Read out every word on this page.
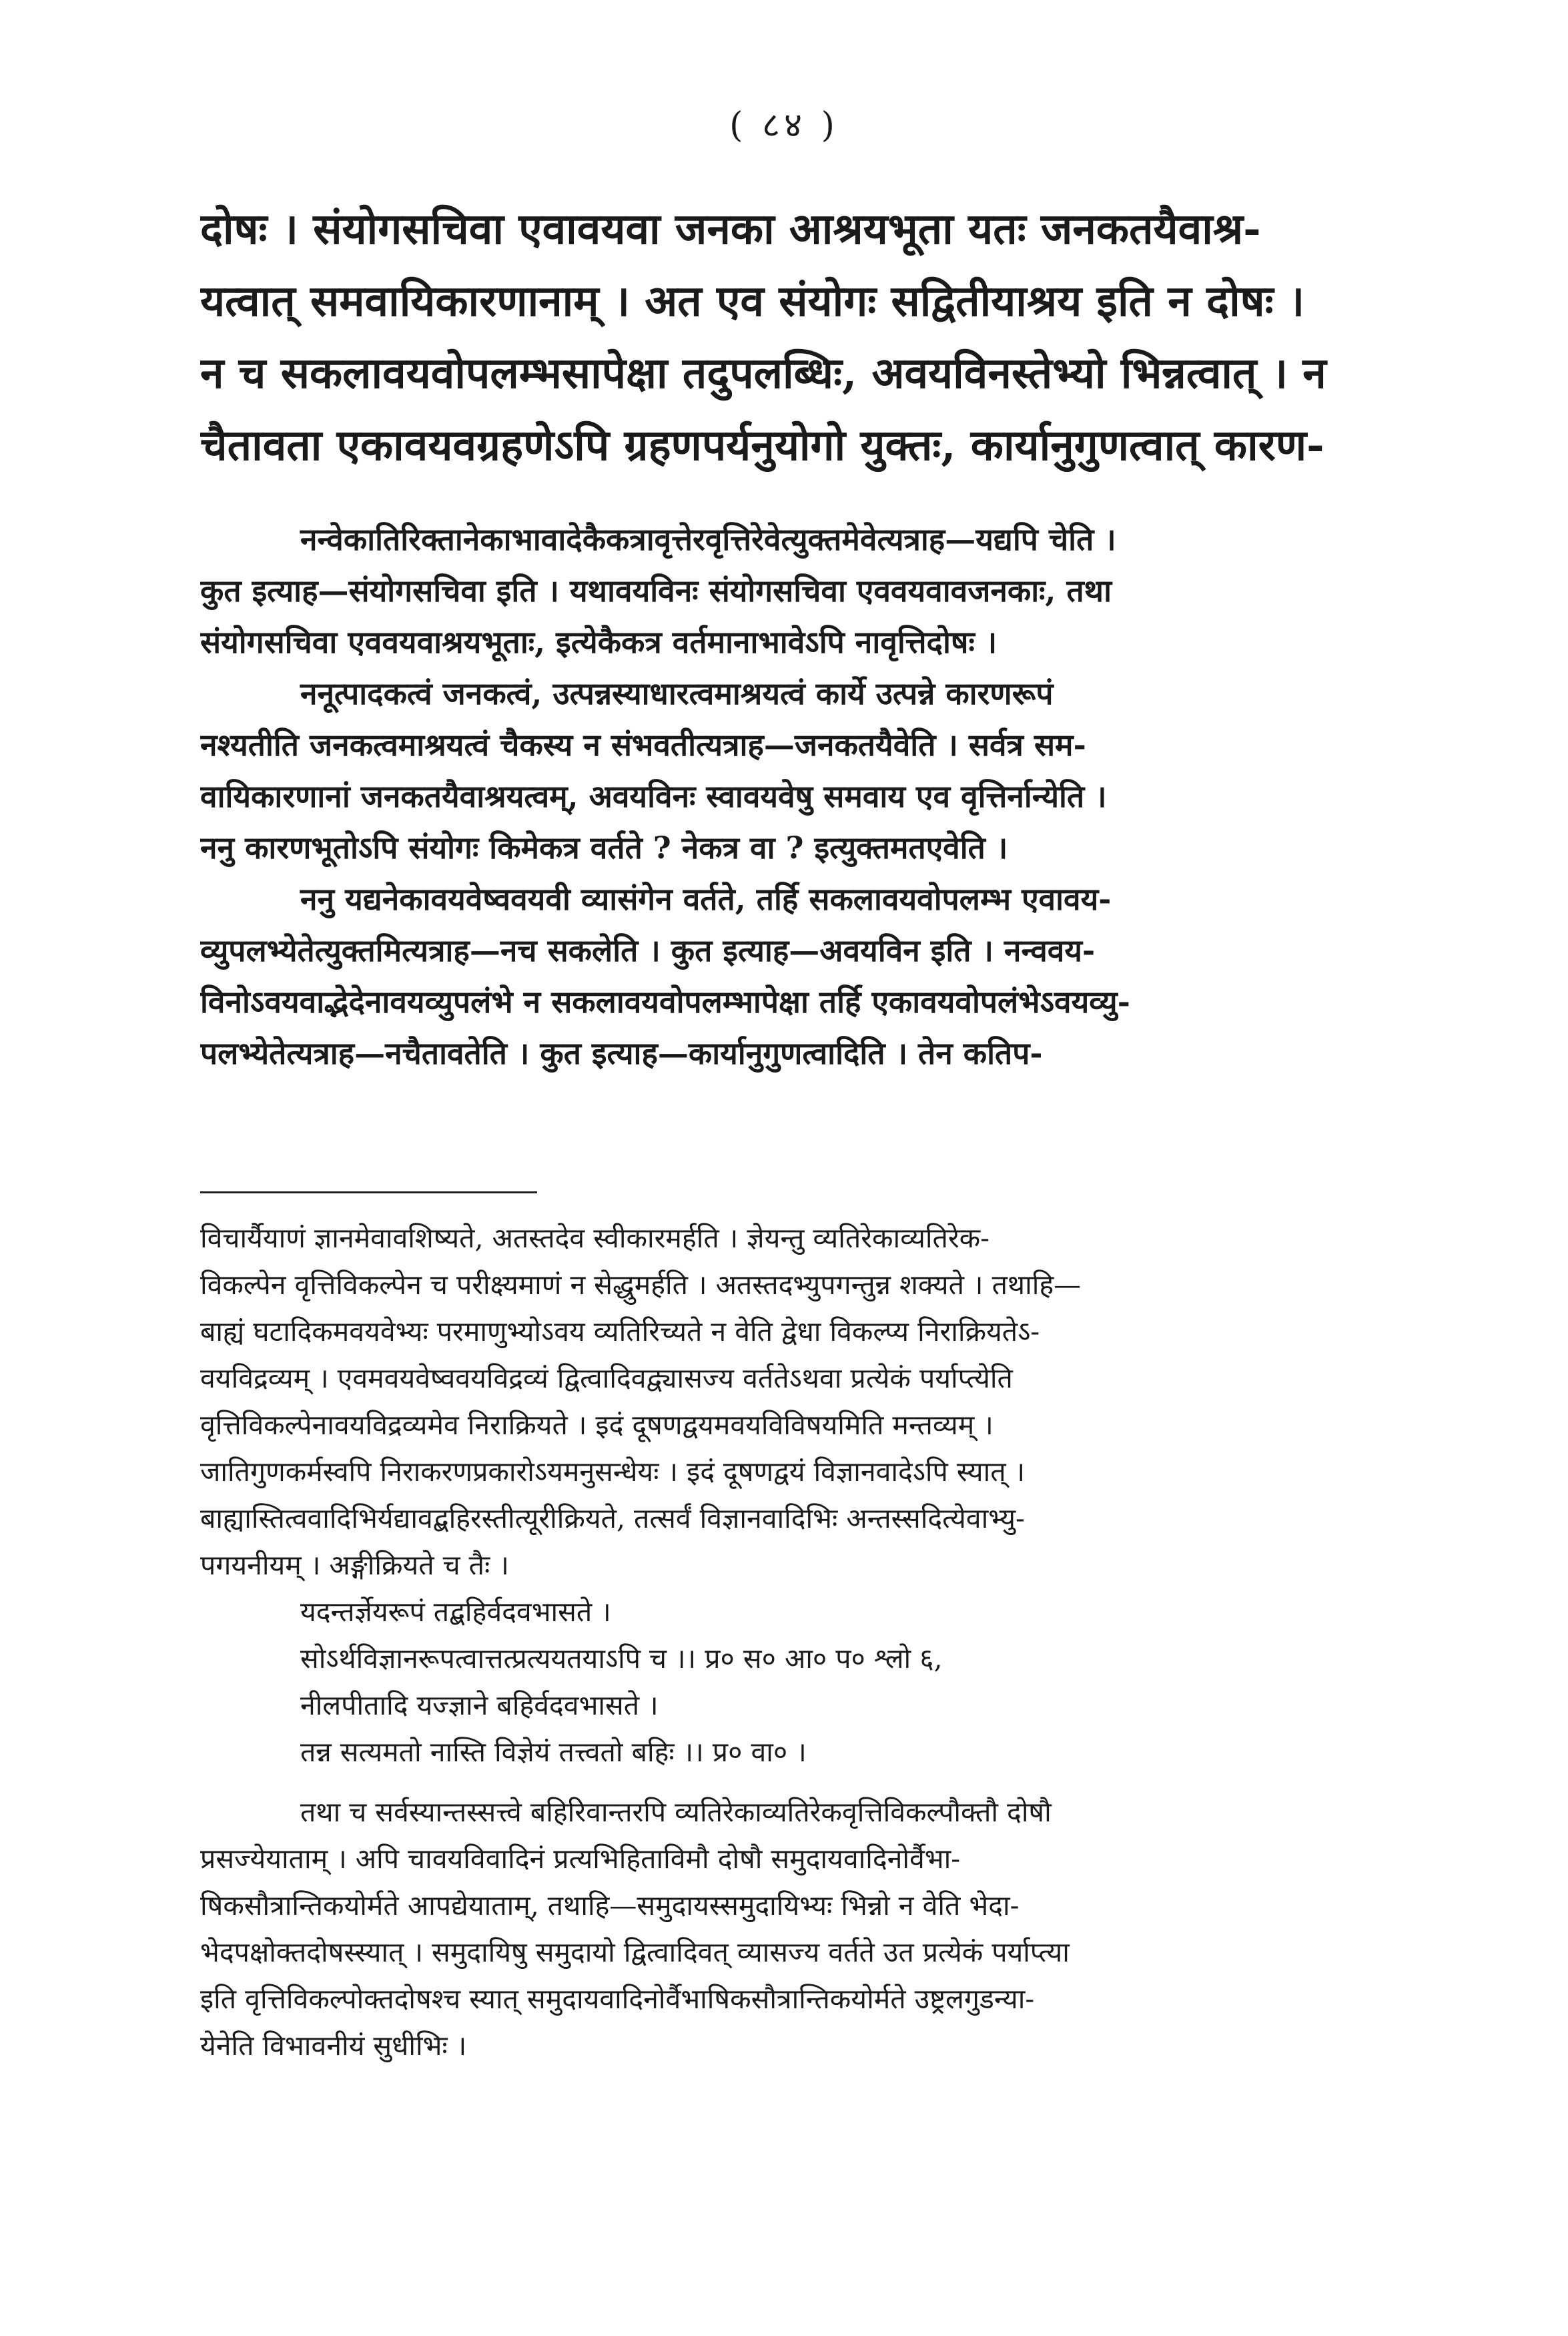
( ८४ )
दोषः । संयोगसचिवा एवावयवा जनका आश्रयभूता यतः जनकतयैवाश्र-
यत्वात् समवायिकारणानाम् । अत एव संयोगः सद्वितीयाश्रय इति न दोषः ।
न च सकलावयवोपलम्भसापेक्षा तदुपलब्धिः, अवयविनस्तेभ्यो भिन्नत्वात् । न
चैतावता एकावयवग्रहणेऽपि ग्रहणपर्यनुयोगो युक्तः, कार्यानुगुणत्वात् कारण-
नन्वेकातिरिक्तानेकाभावादेकैकत्रावृत्तेरवृत्तिरेवेत्युक्तमेवेत्यत्राह—यद्यपि चेति ।
कुत इत्याह—संयोगसचिवा इति । यथावयविनः संयोगसचिवा एववयवावजनकाः, तथा
संयोगसचिवा एववयवाश्रयभूताः, इत्येकैकत्र वर्तमानाभावेऽपि नावृत्तिदोषः ।
ननूत्पादकत्वं जनकत्वं, उत्पन्नस्याधारत्वमाश्रयत्वं कार्ये उत्पन्ने कारणरूपं
नश्यतीति जनकत्वमाश्रयत्वं चैकस्य न संभवतीत्यत्राह—जनकतयैवेति । सर्वत्र सम-
वायिकारणानां जनकतयैवाश्रयत्वम्, अवयविनः स्वावयवेषु समवाय एव वृत्तिर्नान्येति ।
ननु कारणभूतोऽपि संयोगः किमेकत्र वर्तते ? नेकत्र वा ? इत्युक्तमतएवेति ।
ननु यद्यनेकावयवेष्ववयवी व्यासंगेन वर्तते, तर्हि सकलावयवोपलम्भ एवावय-
व्युपलभ्येतेत्युक्तमित्यत्राह—नच सकलेति । कुत इत्याह—अवयविन इति । नन्ववय-
विनोऽवयवाद्भेदेनावयव्युपलंभे न सकलावयवोपलम्भापेक्षा तर्हि एकावयवोपलंभेऽवयव्यु-
पलभ्येतेत्यत्राह—नचैतावतेति । कुत इत्याह—कार्यानुगुणत्वादिति । तेन कतिप-
विचार्यैयाणं ज्ञानमेवावशिष्यते, अतस्तदेव स्वीकारमर्हति । ज्ञेयन्तु व्यतिरेकाव्यतिरेक-
विकल्पेन वृत्तिविकल्पेन च परीक्ष्यमाणं न सेद्धुमर्हति । अतस्तदभ्युपगन्तुन्न शक्यते । तथाहि—
बाह्यं घटादिकमवयवेभ्यः परमाणुभ्योऽवय व्यतिरिच्यते न वेति द्वेधा विकल्प्य निराक्रियतेऽ-
वयविद्रव्यम् । एवमवयवेष्ववयविद्रव्यं द्वित्वादिवद्व्यासज्य वर्ततेऽथवा प्रत्येकं पर्याप्त्येति
वृत्तिविकल्पेनावयविद्रव्यमेव निराक्रियते । इदं दूषणद्वयमवयविविषयमिति मन्तव्यम् ।
जातिगुणकर्मस्वपि निराकरणप्रकारोऽयमनुसन्धेयः । इदं दूषणद्वयं विज्ञानवादेऽपि स्यात् ।
बाह्यास्तित्ववादिभिर्यद्यावद्बहिरस्तीत्यूरीक्रियते, तत्सर्वं विज्ञानवादिभिः अन्तस्सदित्येवाभ्यु-
पगयनीयम् । अङ्गीक्रियते च तैः ।
यदन्तर्ज्ञेयरूपं तद्बहिर्वदवभासते ।
सोऽर्थविज्ञानरूपत्वात्तत्प्रत्ययतयाऽपि च ।। प्र० स० आ० प० श्लो ६,
नीलपीतादि यज्ज्ञाने बहिर्वदवभासते ।
तन्न सत्यमतो नास्ति विज्ञेयं तत्त्वतो बहिः ।। प्र० वा० ।
तथा च सर्वस्यान्तस्सत्त्वे बहिरिवान्तरपि व्यतिरेकाव्यतिरेकवृत्तिविकल्पौक्तौ दोषौ
प्रसज्येयाताम् । अपि चावयविवादिनं प्रत्यभिहिताविमौ दोषौ समुदायवादिनोर्वैभा-
षिकसौत्रान्तिकयोर्मते आपद्येयाताम्, तथाहि—समुदायस्समुदायिभ्यः भिन्नो न वेति भेदा-
भेदपक्षोक्तदोषस्स्यात् । समुदायिषु समुदायो द्वित्वादिवत् व्यासज्य वर्तते उत प्रत्येकं पर्याप्त्या
इति वृत्तिविकल्पोक्तदोषश्च स्यात् समुदायवादिनोर्वैभाषिकसौत्रान्तिकयोर्मते उष्ट्रलगुडन्या-
येनेति विभावनीयं सुधीभिः ।
